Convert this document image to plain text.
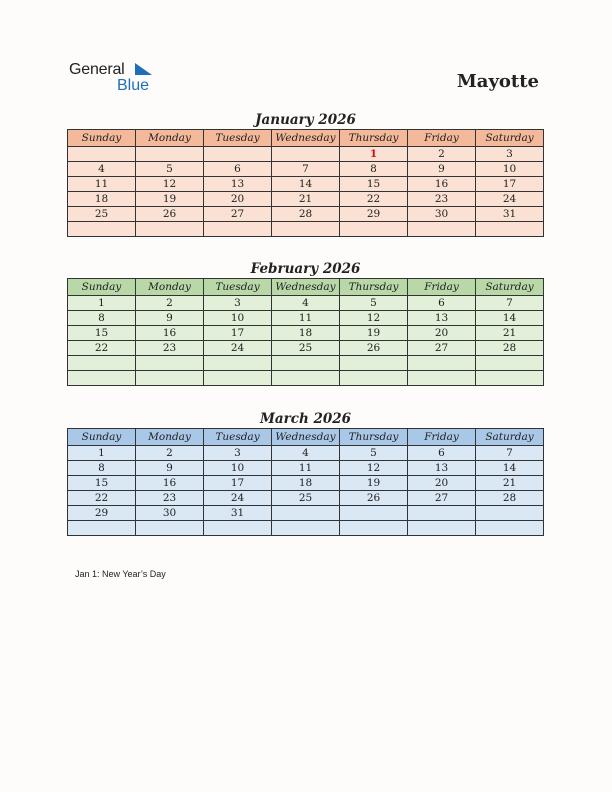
General
Blue	Mayotte
January 2026
Sunday	Monday	Tuesday	Wednesday	Thursday	Friday	Saturday
				1	2	3
4	5	6	7	8	9	10
11	12	13	14	15	16	17
18	19	20	21	22	23	24
25	26	27	28	29	30	31

February 2026
Sunday	Monday	Tuesday	Wednesday	Thursday	Friday	Saturday
1	2	3	4	5	6	7
8	9	10	11	12	13	14
15	16	17	18	19	20	21
22	23	24	25	26	27	28

March 2026
Sunday	Monday	Tuesday	Wednesday	Thursday	Friday	Saturday
1	2	3	4	5	6	7
8	9	10	11	12	13	14
15	16	17	18	19	20	21
22	23	24	25	26	27	28
29	30	31				

Jan 1: New Year’s Day
